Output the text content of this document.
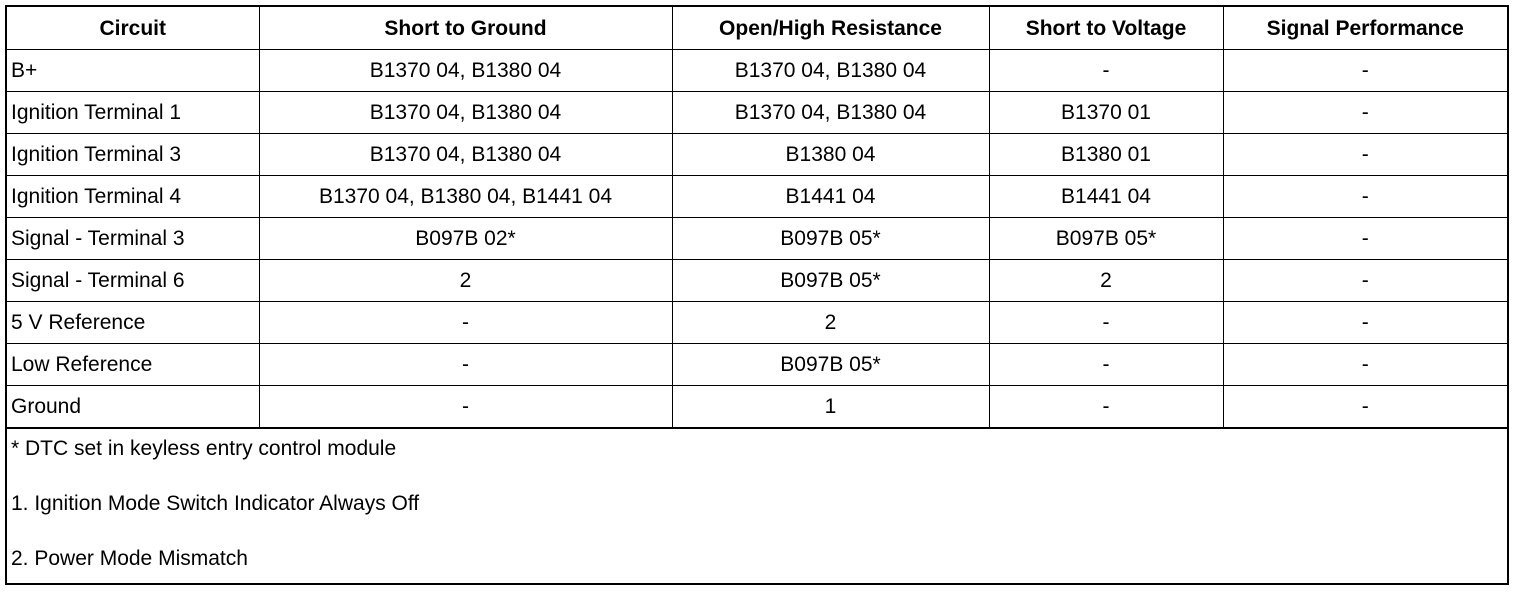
Circuit	Short to Ground	Open/High Resistance	Short to Voltage	Signal Performance
B+	B1370 04, B1380 04	B1370 04, B1380 04	-	-
Ignition Terminal 1	B1370 04, B1380 04	B1370 04, B1380 04	B1370 01	-
Ignition Terminal 3	B1370 04, B1380 04	B1380 04	B1380 01	-
Ignition Terminal 4	B1370 04, B1380 04, B1441 04	B1441 04	B1441 04	-
Signal - Terminal 3	B097B 02*	B097B 05*	B097B 05*	-
Signal - Terminal 6	2	B097B 05*	2	-
5 V Reference	-	2	-	-
Low Reference	-	B097B 05*	-	-
Ground	-	1	-	-
* DTC set in keyless entry control module
1. Ignition Mode Switch Indicator Always Off
2. Power Mode Mismatch
